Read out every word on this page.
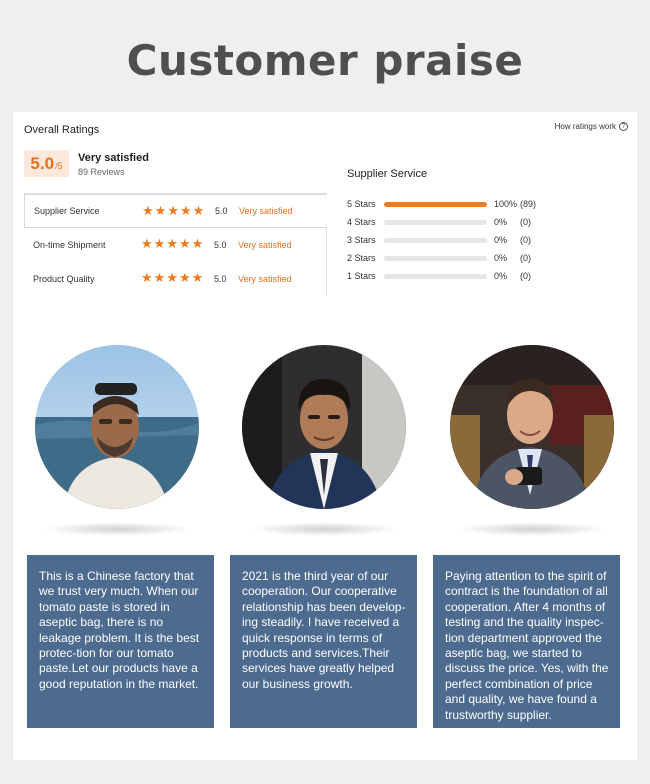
Customer praise
Overall Ratings	How ratings work ?
5.0 /5
Very satisfied
89 Reviews
Supplier Service	★ ★ ★ ★ ★ 5.0 Very satisfied
On-time Shipment	★ ★ ★ ★ ★ 5.0 Very satisfied
Product Quality	★ ★ ★ ★ ★ 5.0 Very satisfied
Supplier Service
5 Stars	100% (89)
4 Stars	0%	(0)
3 Stars	0%	(0)
2 Stars	0%	(0)
1 Stars	0%	(0)
This is a Chinese factory that we trust very much. When our tomato paste is stored in aseptic bag, there is no leakage problem. It is the best protec-tion for our tomato paste.Let our products have a good reputation in the market.
2021 is the third year of our cooperation. Our cooperative relationship has been develop-ing steadily. I have received a quick response in terms of products and services.Their services have greatly helped our business growth.
Paying attention to the spirit of contract is the foundation of all cooperation. After 4 months of testing and the quality inspec-tion department approved the aseptic bag, we started to discuss the price. Yes, with the perfect combination of price and quality, we have found a trustworthy supplier.
